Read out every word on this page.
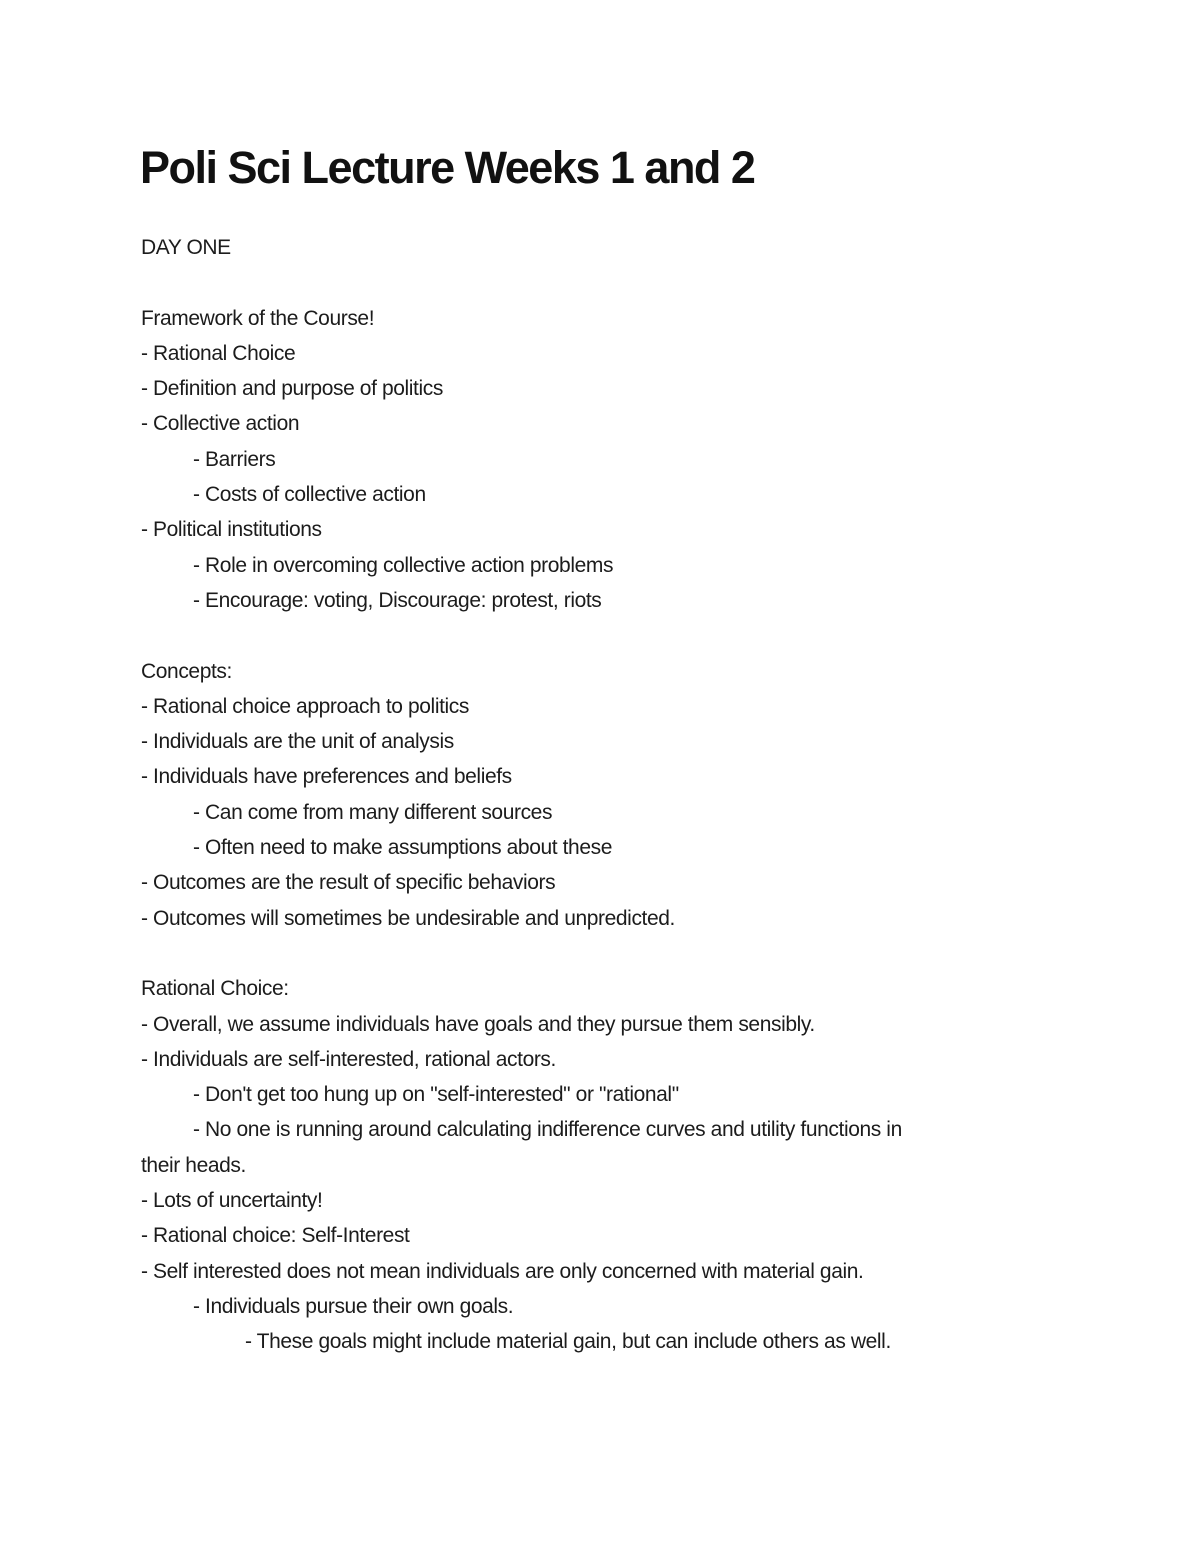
Poli Sci Lecture Weeks 1 and 2
DAY ONE
Framework of the Course!
- Rational Choice
- Definition and purpose of politics
- Collective action
- Barriers
- Costs of collective action
- Political institutions
- Role in overcoming collective action problems
- Encourage: voting, Discourage: protest, riots
Concepts:
- Rational choice approach to politics
- Individuals are the unit of analysis
- Individuals have preferences and beliefs
- Can come from many different sources
- Often need to make assumptions about these
- Outcomes are the result of specific behaviors
- Outcomes will sometimes be undesirable and unpredicted.
Rational Choice:
- Overall, we assume individuals have goals and they pursue them sensibly.
- Individuals are self-interested, rational actors.
- Don't get too hung up on "self-interested" or "rational"
- No one is running around calculating indifference curves and utility functions in
their heads.
- Lots of uncertainty!
- Rational choice: Self-Interest
- Self interested does not mean individuals are only concerned with material gain.
- Individuals pursue their own goals.
- These goals might include material gain, but can include others as well.
